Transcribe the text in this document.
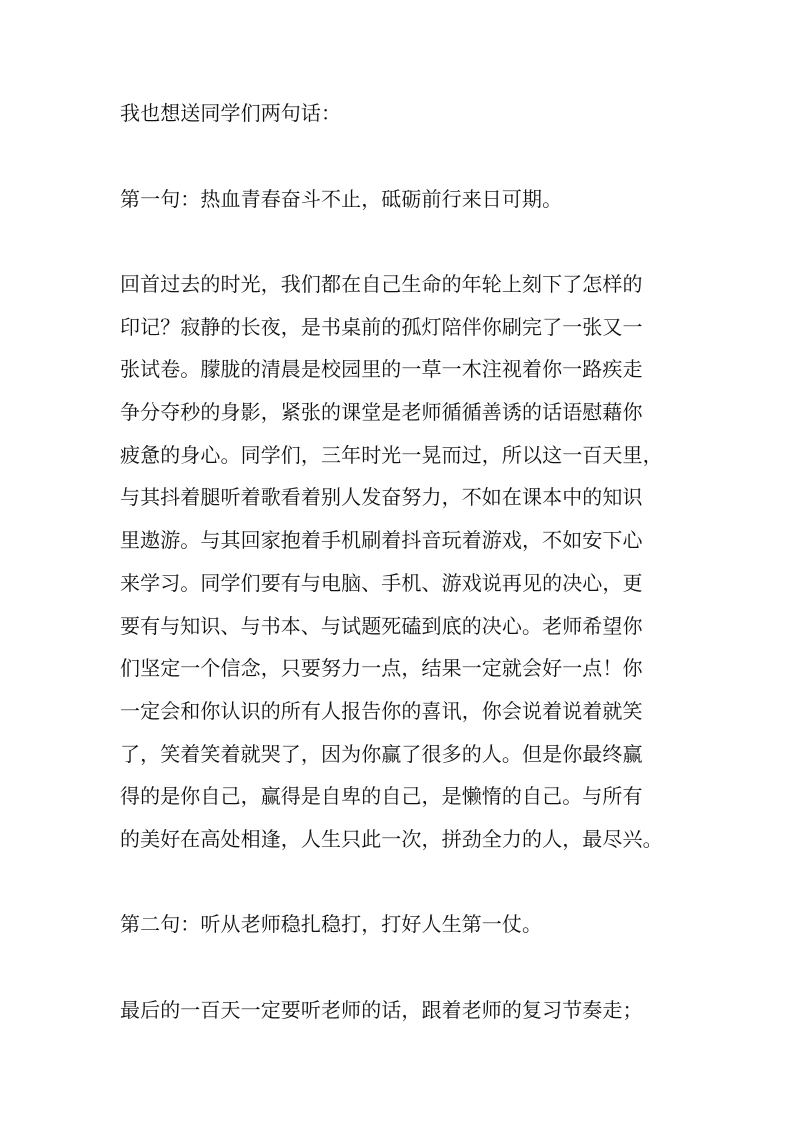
我也想送同学们两句话：
第一句：热血青春奋斗不止，砥砺前行来日可期。
回首过去的时光，我们都在自己生命的年轮上刻下了怎样的
印记？寂静的长夜，是书桌前的孤灯陪伴你刷完了一张又一
张试卷。朦胧的清晨是校园里的一草一木注视着你一路疾走
争分夺秒的身影，紧张的课堂是老师循循善诱的话语慰藉你
疲惫的身心。同学们，三年时光一晃而过，所以这一百天里，
与其抖着腿听着歌看着别人发奋努力，不如在课本中的知识
里遨游。与其回家抱着手机刷着抖音玩着游戏，不如安下心
来学习。同学们要有与电脑、手机、游戏说再见的决心，更
要有与知识、与书本、与试题死磕到底的决心。老师希望你
们坚定一个信念，只要努力一点，结果一定就会好一点！你
一定会和你认识的所有人报告你的喜讯，你会说着说着就笑
了，笑着笑着就哭了，因为你赢了很多的人。但是你最终赢
得的是你自己，赢得是自卑的自己，是懒惰的自己。与所有
的美好在高处相逢，人生只此一次，拼劲全力的人，最尽兴。
第二句：听从老师稳扎稳打，打好人生第一仗。
最后的一百天一定要听老师的话，跟着老师的复习节奏走；
